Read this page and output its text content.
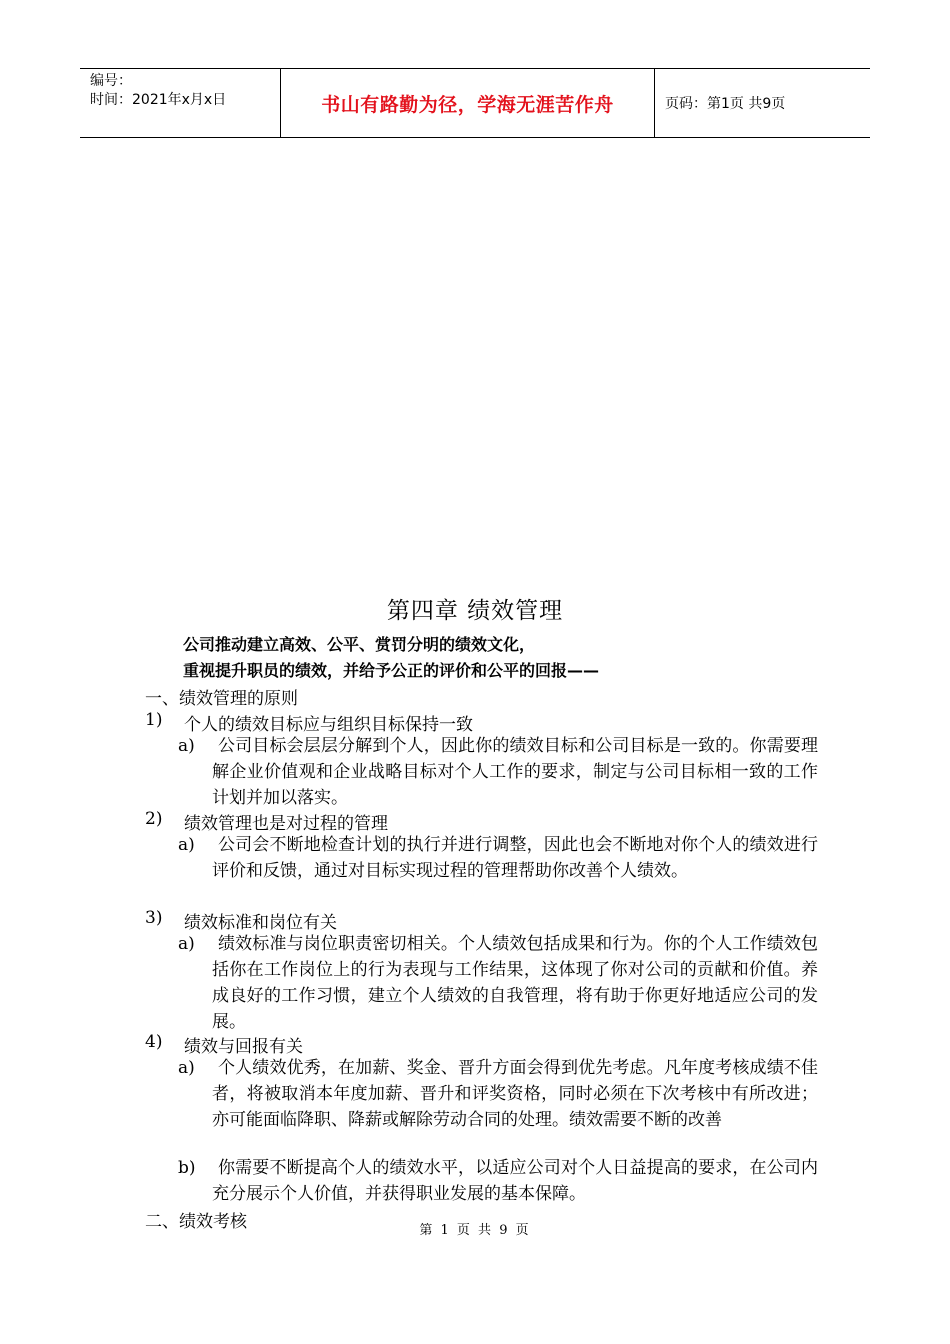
编号：
时间：2021年x月x日	书山有路勤为径，学海无涯苦作舟	页码：第1页 共9页
第四章 绩效管理
公司推动建立高效、公平、赏罚分明的绩效文化，
重视提升职员的绩效，并给予公正的评价和公平的回报——
一、绩效管理的原则
1) 个人的绩效目标应与组织目标保持一致
a)	公司目标会层层分解到个人，因此你的绩效目标和公司目标是一致的。你需要理解企业价值观和企业战略目标对个人工作的要求，制定与公司目标相一致的工作计划并加以落实。
2) 绩效管理也是对过程的管理
a)	公司会不断地检查计划的执行并进行调整，因此也会不断地对你个人的绩效进行评价和反馈，通过对目标实现过程的管理帮助你改善个人绩效。
3) 绩效标准和岗位有关
a)	绩效标准与岗位职责密切相关。个人绩效包括成果和行为。你的个人工作绩效包括你在工作岗位上的行为表现与工作结果，这体现了你对公司的贡献和价值。养成良好的工作习惯，建立个人绩效的自我管理，将有助于你更好地适应公司的发展。
4) 绩效与回报有关
a)	个人绩效优秀，在加薪、奖金、晋升方面会得到优先考虑。凡年度考核成绩不佳者，将被取消本年度加薪、晋升和评奖资格，同时必须在下次考核中有所改进；亦可能面临降职、降薪或解除劳动合同的处理。绩效需要不断的改善
b)	你需要不断提高个人的绩效水平，以适应公司对个人日益提高的要求，在公司内充分展示个人价值，并获得职业发展的基本保障。
二、绩效考核	第 1 页 共 9 页
